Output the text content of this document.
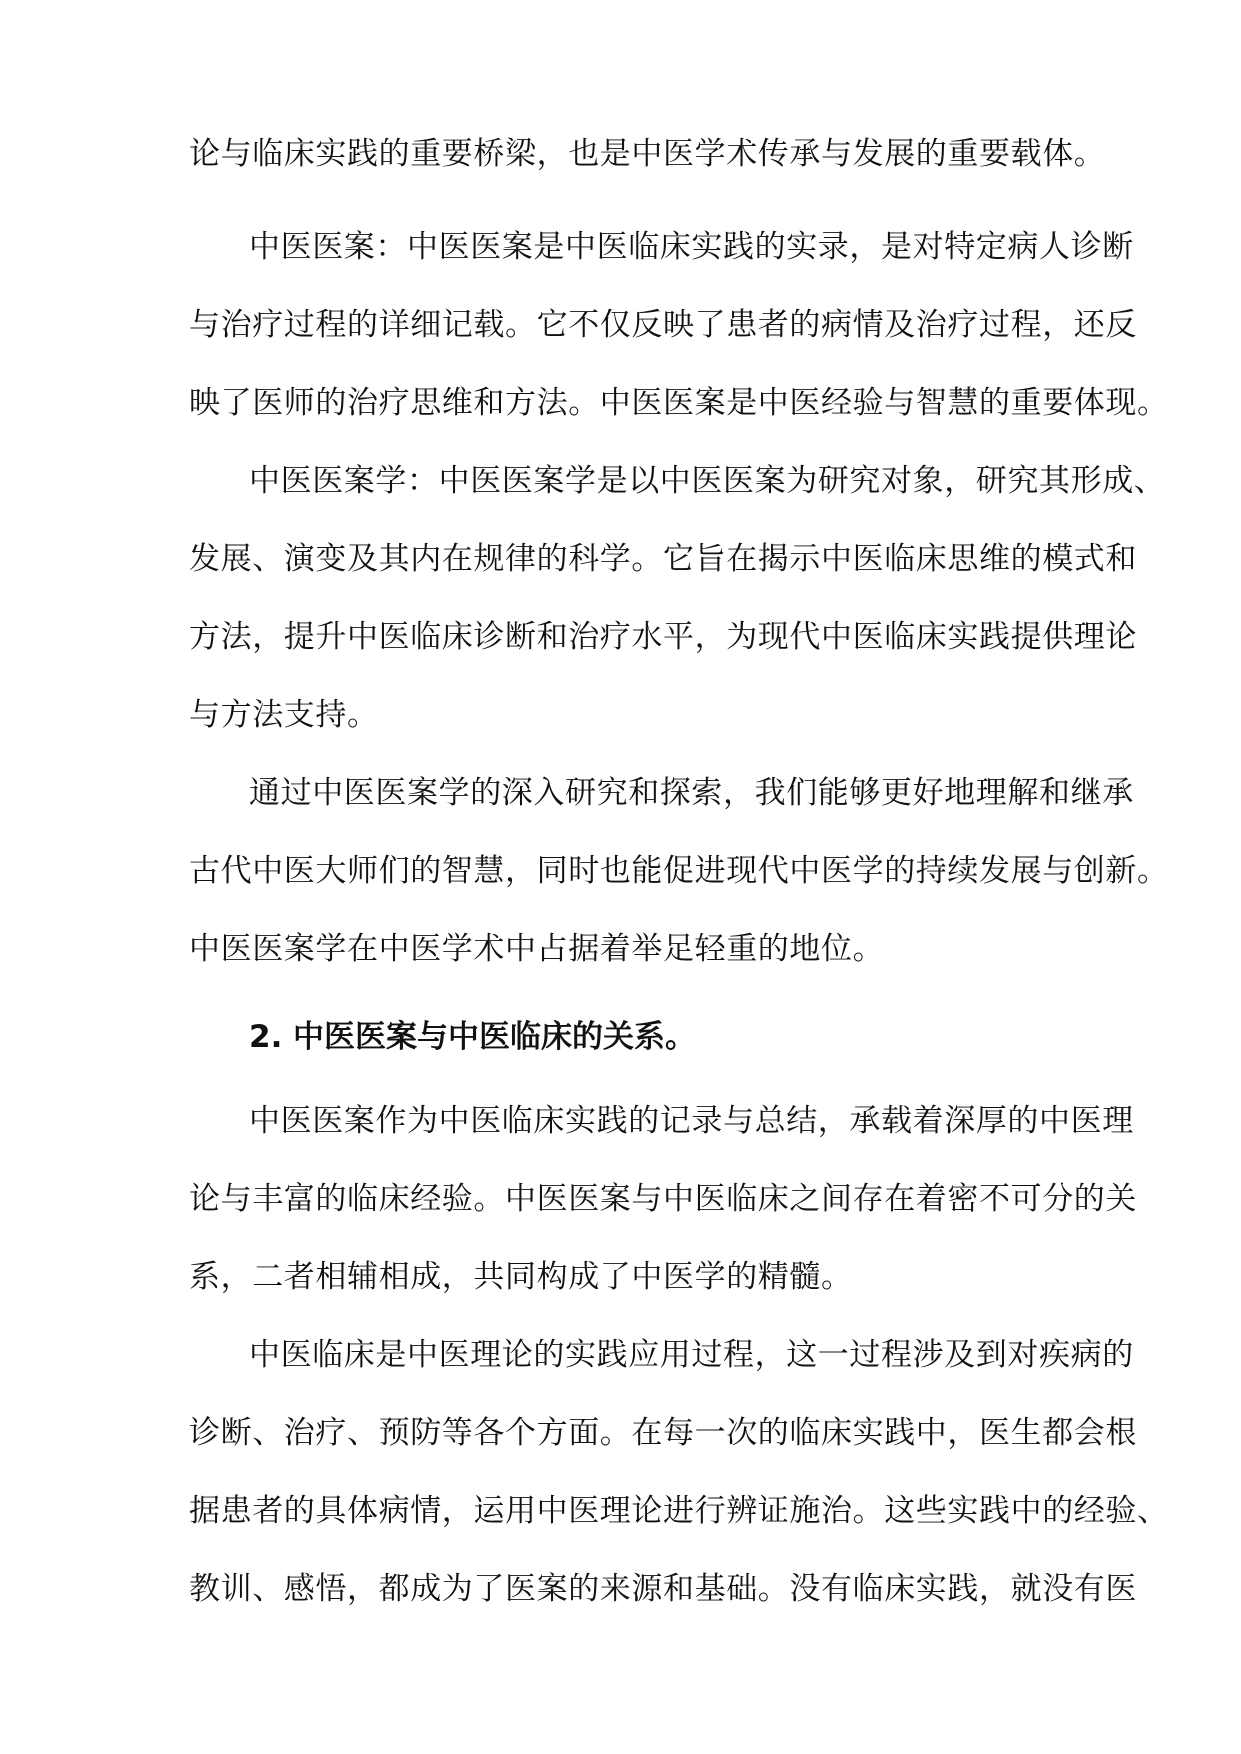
论与临床实践的重要桥梁，也是中医学术传承与发展的重要载体。
中医医案：中医医案是中医临床实践的实录，是对特定病人诊断
与治疗过程的详细记载。它不仅反映了患者的病情及治疗过程，还反
映了医师的治疗思维和方法。中医医案是中医经验与智慧的重要体现。
中医医案学：中医医案学是以中医医案为研究对象，研究其形成、
发展、演变及其内在规律的科学。它旨在揭示中医临床思维的模式和
方法，提升中医临床诊断和治疗水平，为现代中医临床实践提供理论
与方法支持。
通过中医医案学的深入研究和探索，我们能够更好地理解和继承
古代中医大师们的智慧，同时也能促进现代中医学的持续发展与创新。
中医医案学在中医学术中占据着举足轻重的地位。
2. 中医医案与中医临床的关系。
中医医案作为中医临床实践的记录与总结，承载着深厚的中医理
论与丰富的临床经验。中医医案与中医临床之间存在着密不可分的关
系，二者相辅相成，共同构成了中医学的精髓。
中医临床是中医理论的实践应用过程，这一过程涉及到对疾病的
诊断、治疗、预防等各个方面。在每一次的临床实践中，医生都会根
据患者的具体病情，运用中医理论进行辨证施治。这些实践中的经验、
教训、感悟，都成为了医案的来源和基础。没有临床实践，就没有医
